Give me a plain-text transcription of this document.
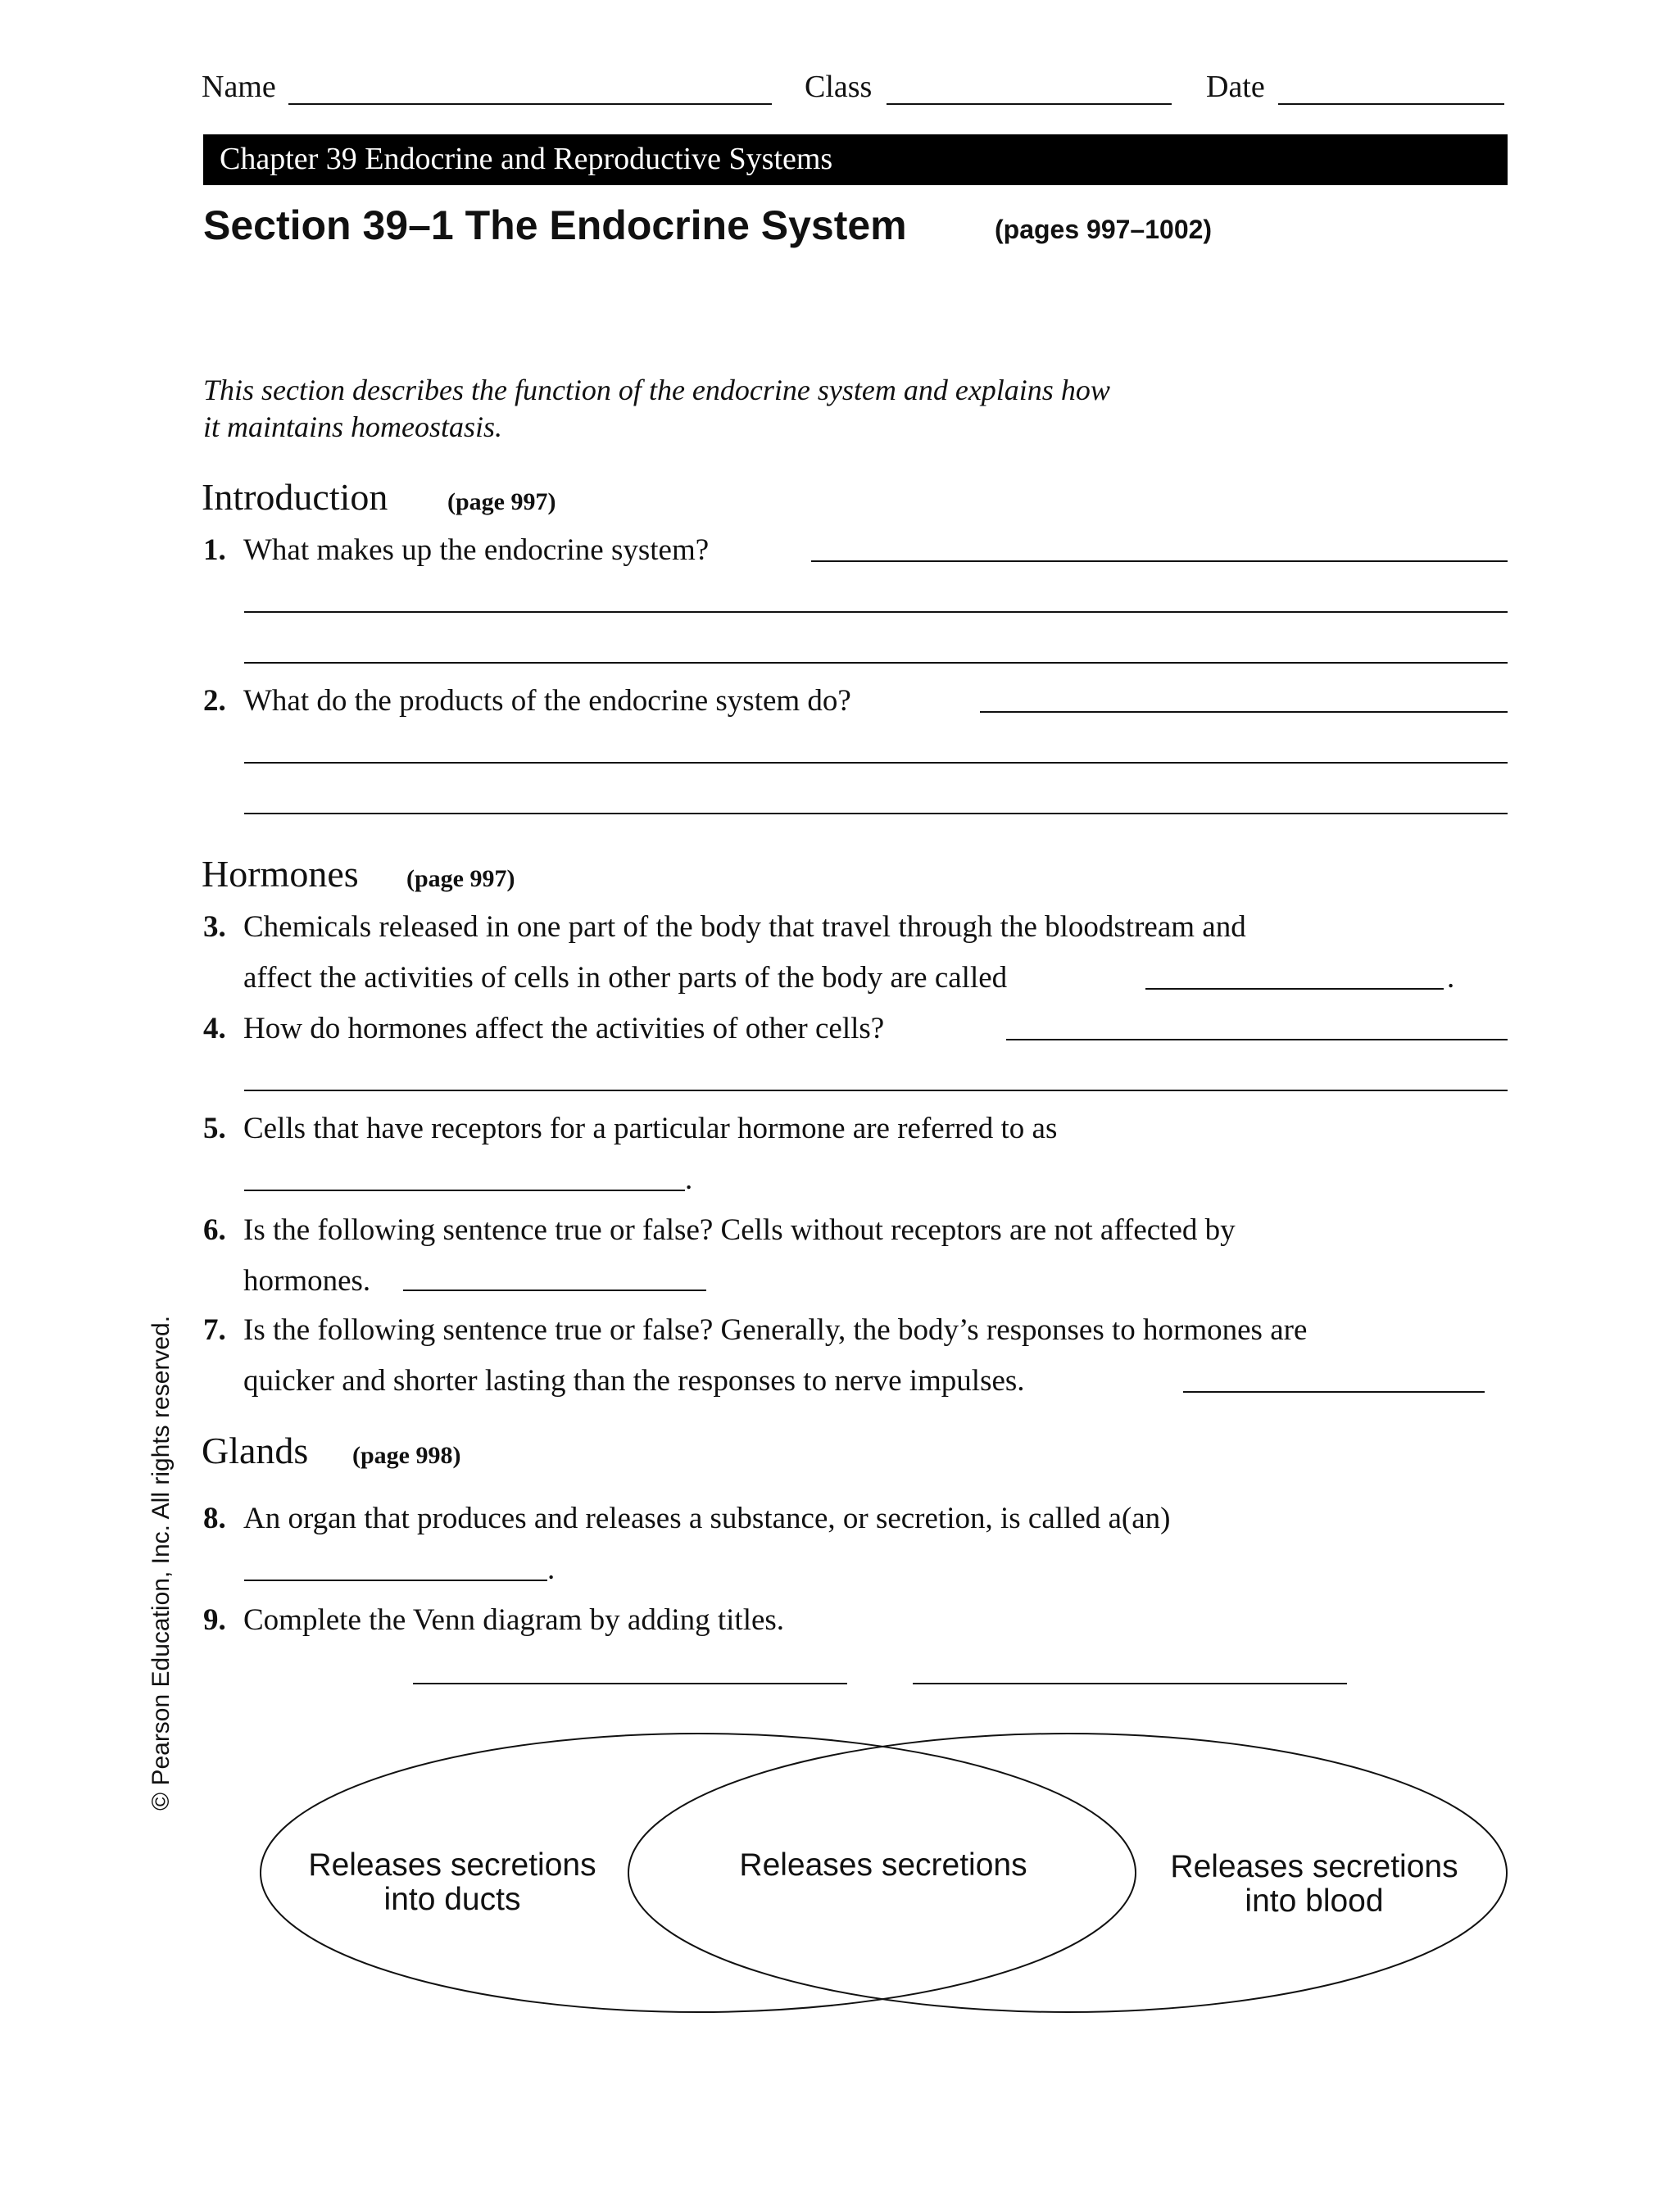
Name	Class	Date
Chapter 39 Endocrine and Reproductive Systems
Section 39–1 The Endocrine System	(pages 997–1002)
This section describes the function of the endocrine system and explains how
it maintains homeostasis.
Introduction (page 997)
1. What makes up the endocrine system?
2. What do the products of the endocrine system do?
Hormones (page 997)
3. Chemicals released in one part of the body that travel through the bloodstream and
affect the activities of cells in other parts of the body are called	.
4. How do hormones affect the activities of other cells?
5. Cells that have receptors for a particular hormone are referred to as
.
6. Is the following sentence true or false? Cells without receptors are not affected by
hormones.
7. Is the following sentence true or false? Generally, the body’s responses to hormones are
quicker and shorter lasting than the responses to nerve impulses.
Glands (page 998)
8. An organ that produces and releases a substance, or secretion, is called a(an)
.
9. Complete the Venn diagram by adding titles.
Releases secretions
into ducts
Releases secretions	Releases secretions
into blood
© Pearson Education, Inc. All rights reserved.
